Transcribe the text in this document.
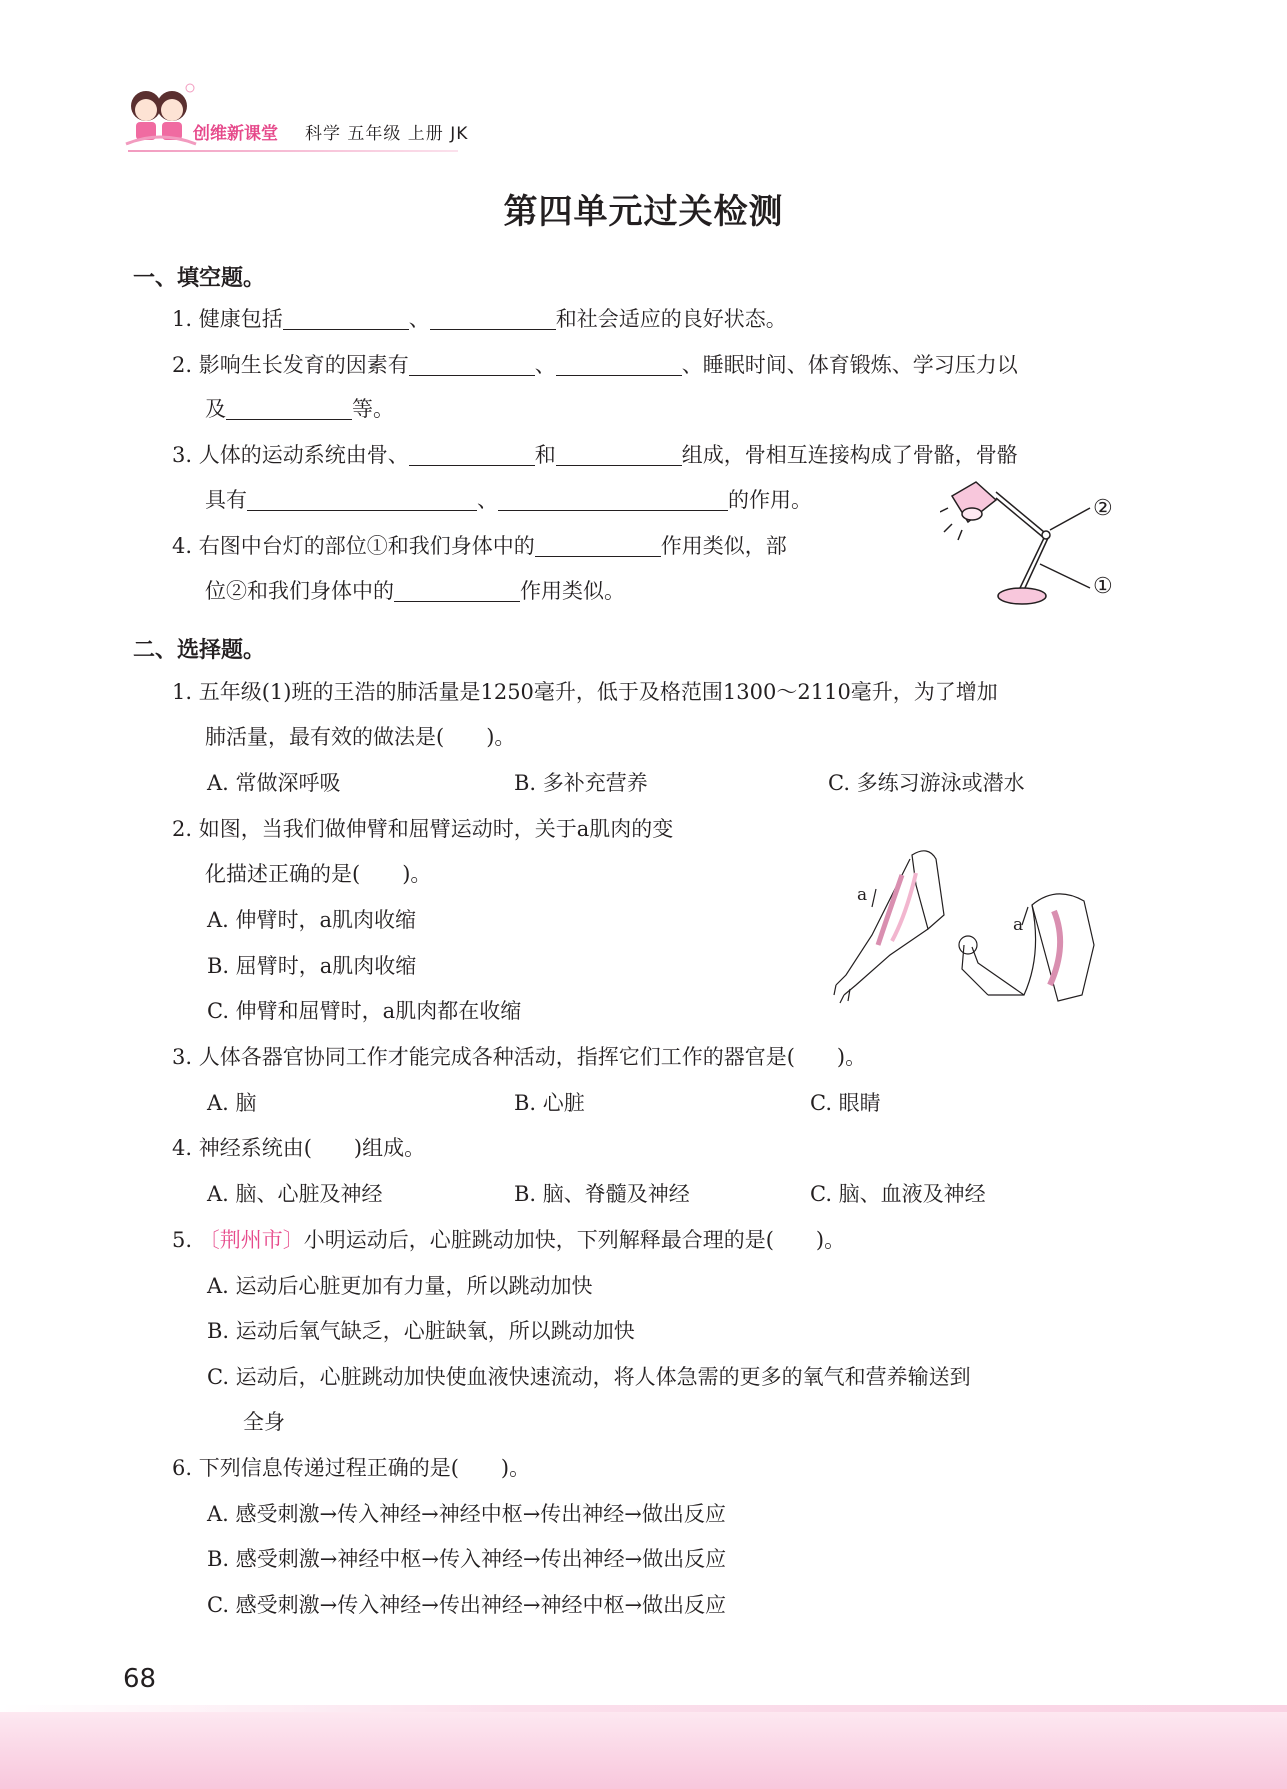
创维新课堂 科学 五年级 上册 JK
第四单元过关检测
一、填空题。
1. 健康包括	、	和社会适应的良好状态。
2. 影响生长发育的因素有	、	、睡眠时间、体育锻炼、学习压力以
及	等。
3. 人体的运动系统由骨、	和	组成，骨相互连接构成了骨骼，骨骼
具有	、	的作用。
4. 右图中台灯的部位①和我们身体中的	作用类似，部
位②和我们身体中的	作用类似。
②
①
二、选择题。
1. 五年级(1)班的王浩的肺活量是1250毫升，低于及格范围1300～2110毫升，为了增加
肺活量，最有效的做法是(　　)。
A. 常做深呼吸	B. 多补充营养	C. 多练习游泳或潜水
2. 如图，当我们做伸臂和屈臂运动时，关于a肌肉的变
化描述正确的是(　　)。
A. 伸臂时，a肌肉收缩
B. 屈臂时，a肌肉收缩
C. 伸臂和屈臂时，a肌肉都在收缩
a
a
3. 人体各器官协同工作才能完成各种活动，指挥它们工作的器官是(　　)。
A. 脑	B. 心脏	C. 眼睛
4. 神经系统由(　　)组成。
A. 脑、心脏及神经	B. 脑、脊髓及神经	C. 脑、血液及神经
5. 〔荆州市〕小明运动后，心脏跳动加快，下列解释最合理的是(　　)。
A. 运动后心脏更加有力量，所以跳动加快
B. 运动后氧气缺乏，心脏缺氧，所以跳动加快
C. 运动后，心脏跳动加快使血液快速流动，将人体急需的更多的氧气和营养输送到
全身
6. 下列信息传递过程正确的是(　　)。
A. 感受刺激→传入神经→神经中枢→传出神经→做出反应
B. 感受刺激→神经中枢→传入神经→传出神经→做出反应
C. 感受刺激→传入神经→传出神经→神经中枢→做出反应
68
